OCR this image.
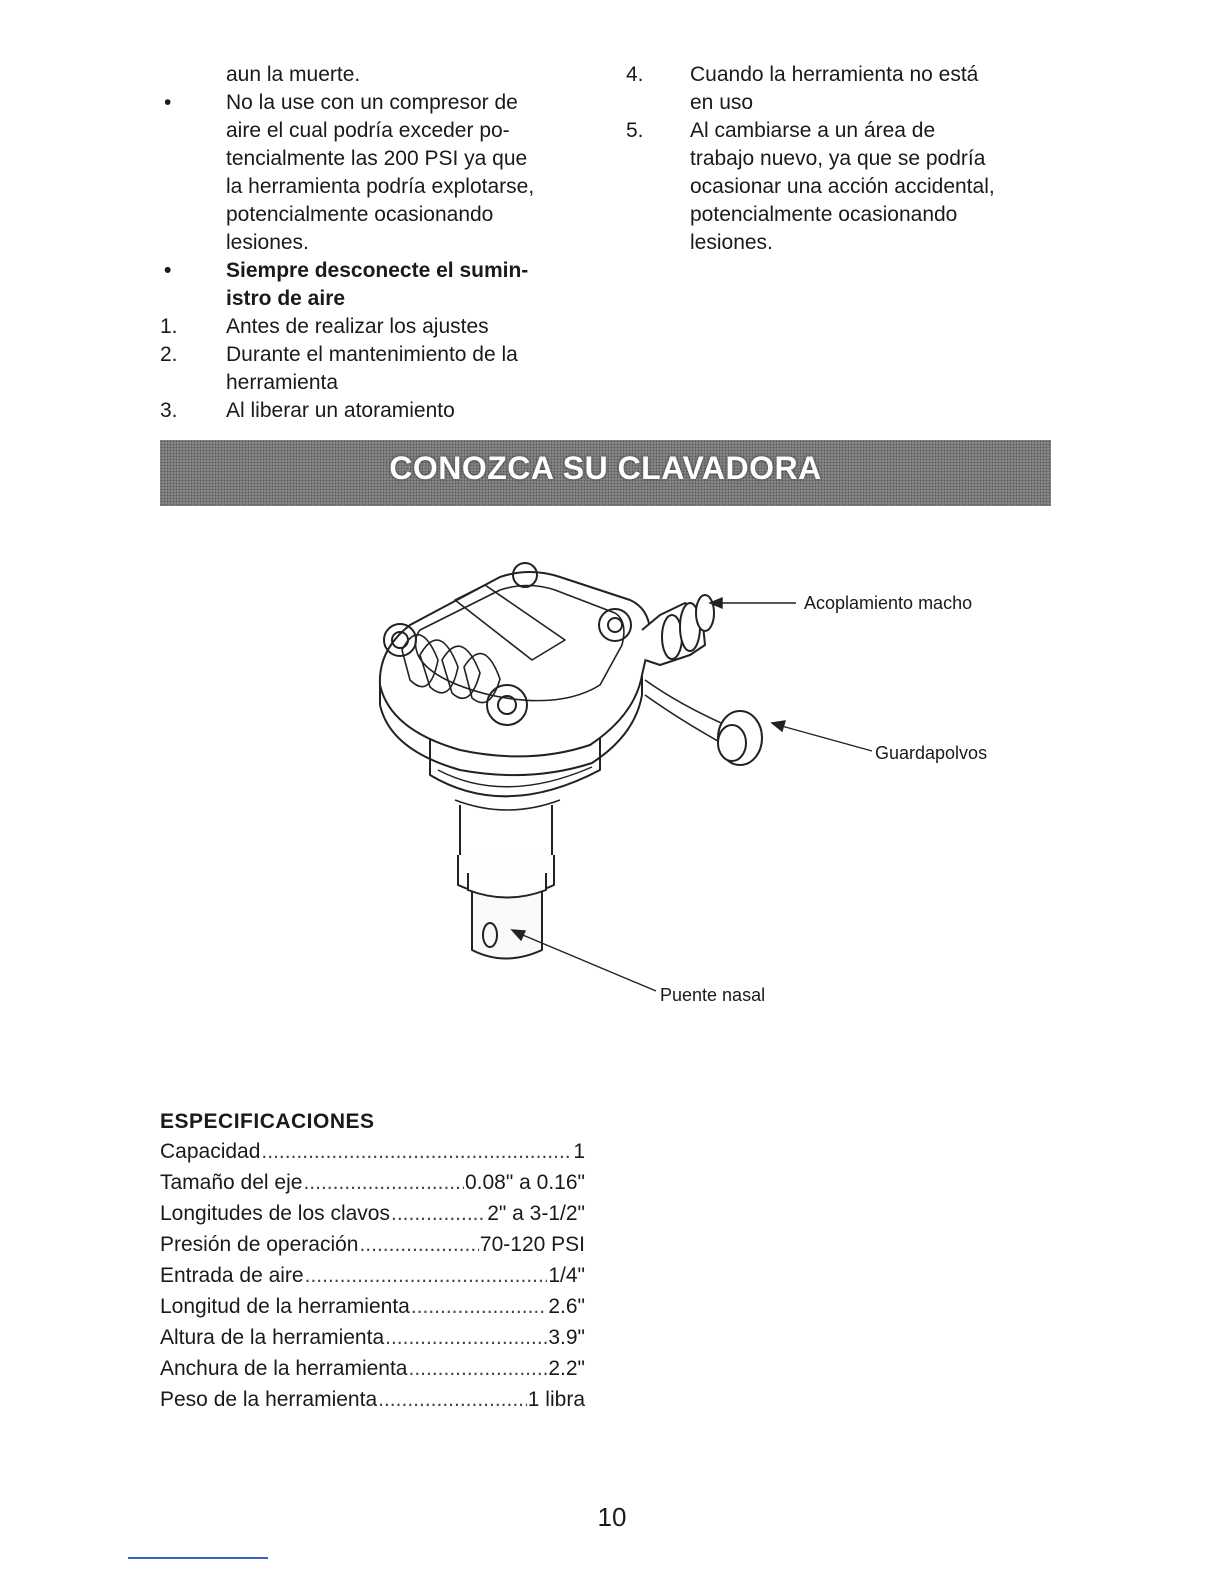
aun la muerte.
•	No la use con un compresor de
aire el cual podría exceder po-
tencialmente las 200 PSI ya que
la herramienta podría explotarse,
potencialmente ocasionando
lesiones.
•	Siempre desconecte el sumin-
istro de aire
1. Antes de realizar los ajustes
2. Durante el mantenimiento de la
herramienta
3. Al liberar un atoramiento
4. Cuando la herramienta no está
en uso
5. Al cambiarse a un área de
trabajo nuevo, ya que se podría
ocasionar una acción accidental,
potencialmente ocasionando
lesiones.
CONOZCA SU CLAVADORA
Acoplamiento macho
Guardapolvos
Puente nasal
ESPECIFICACIONES
Capacidad .....	1
Tamaño del eje .....	0.08" a 0.16"
Longitudes de los clavos .....	2" a 3-1/2"
Presión de operación .....	70-120 PSI
Entrada de aire .....	1/4"
Longitud de la herramienta .....	2.6"
Altura de la herramienta .....	3.9"
Anchura de la herramienta .....	2.2"
Peso de la herramienta .....	1 libra
10
